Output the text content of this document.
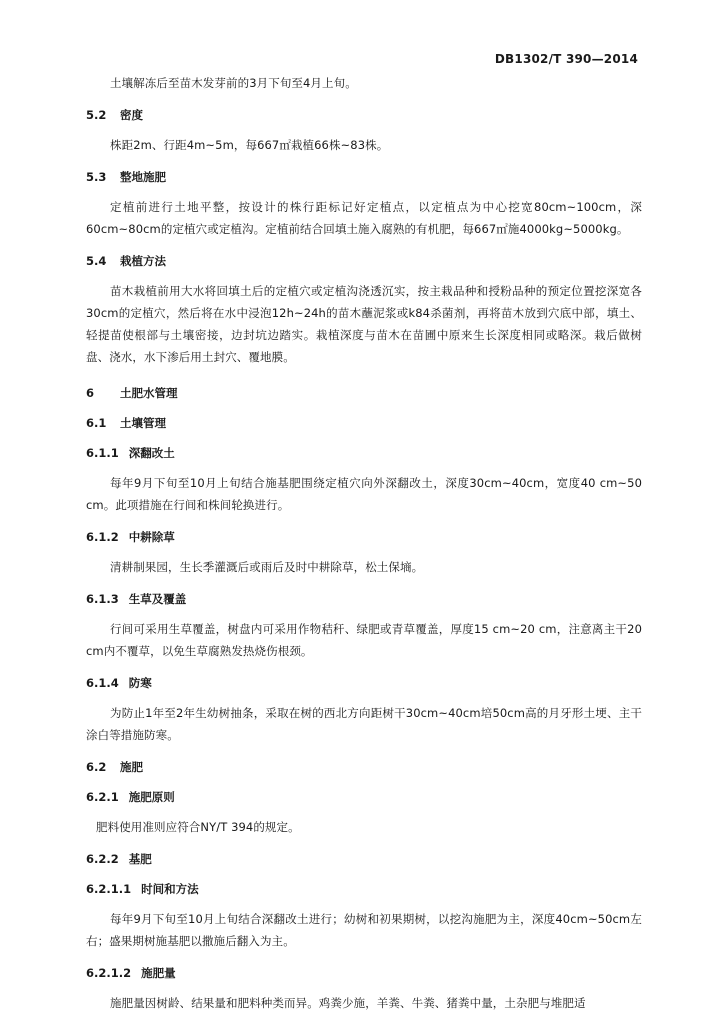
DB1302/T 390—2014

土壤解冻后至苗木发芽前的3月下旬至4月上旬。

5.2 密度

株距2m、行距4m~5m，每667㎡栽植66株~83株。

5.3 整地施肥

定植前进行土地平整，按设计的株行距标记好定植点，以定植点为中心挖宽80cm~100cm，深60cm~80cm的定植穴或定植沟。定植前结合回填土施入腐熟的有机肥，每667㎡施4000kg~5000kg。

5.4 栽植方法

苗木栽植前用大水将回填土后的定植穴或定植沟浇透沉实，按主栽品种和授粉品种的预定位置挖深宽各30cm的定植穴，然后将在水中浸泡12h~24h的苗木蘸泥浆或k84杀菌剂，再将苗木放到穴底中部，填土、轻提苗使根部与土壤密接，边封坑边踏实。栽植深度与苗木在苗圃中原来生长深度相同或略深。栽后做树盘、浇水，水下渗后用土封穴、覆地膜。

6 土肥水管理
6.1 土壤管理
6.1.1 深翻改土

每年9月下旬至10月上旬结合施基肥围绕定植穴向外深翻改土，深度30cm~40cm，宽度40 cm~50 cm。此项措施在行间和株间轮换进行。

6.1.2 中耕除草

清耕制果园，生长季灌溉后或雨后及时中耕除草，松土保墒。

6.1.3 生草及覆盖

行间可采用生草覆盖，树盘内可采用作物秸秆、绿肥或青草覆盖，厚度15 cm~20 cm，注意离主干20 cm内不覆草，以免生草腐熟发热烧伤根颈。

6.1.4 防寒

为防止1年至2年生幼树抽条，采取在树的西北方向距树干30cm~40cm培50cm高的月牙形土埂、主干涂白等措施防寒。

6.2 施肥
6.2.1 施肥原则

肥料使用准则应符合NY/T 394的规定。

6.2.2 基肥
6.2.1.1 时间和方法

每年9月下旬至10月上旬结合深翻改土进行；幼树和初果期树，以挖沟施肥为主，深度40cm~50cm左右；盛果期树施基肥以撒施后翻入为主。

6.2.1.2 施肥量

施肥量因树龄、结果量和肥料种类而异。鸡粪少施，羊粪、牛粪、猪粪中量，土杂肥与堆肥适
